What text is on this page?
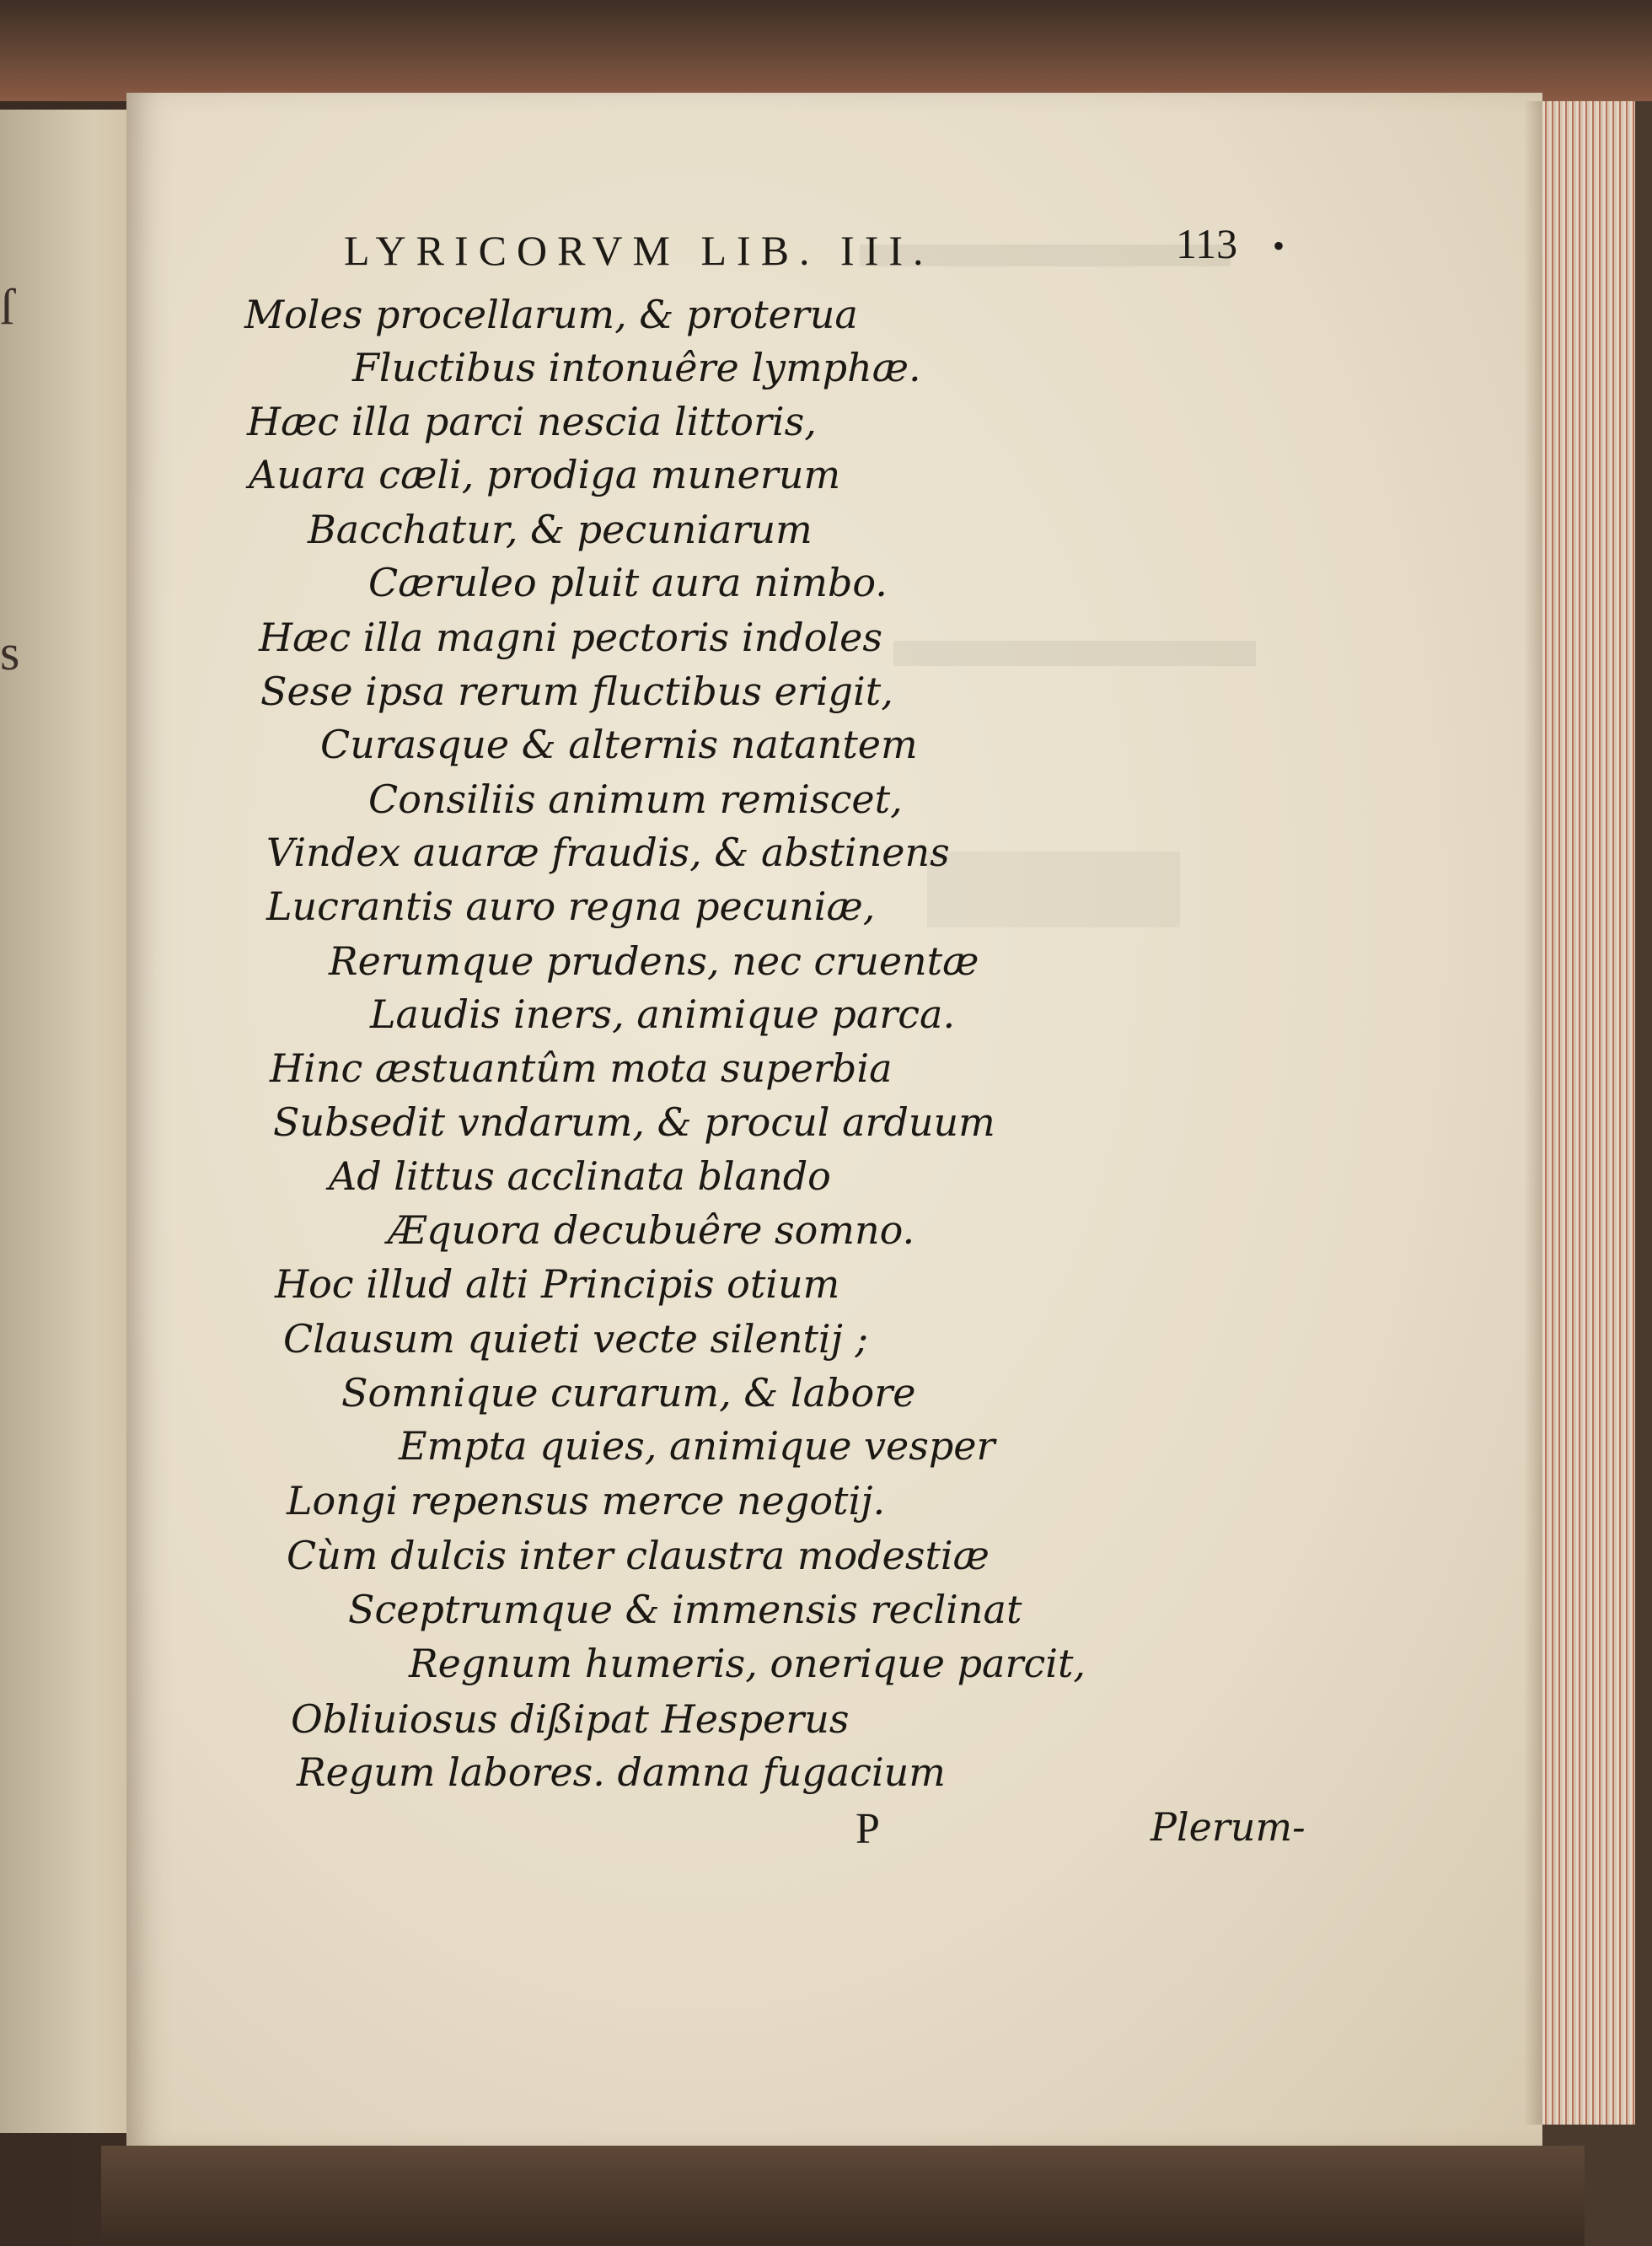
ſ
s
LYRICORVM LIB. III.	113 •
Moles procellarum, & proterua
Fluctibus intonuêre lymphæ.
Hæc illa parci nescia littoris,
Auara cæli, prodiga munerum
Bacchatur, & pecuniarum
Cæruleo pluit aura nimbo.
Hæc illa magni pectoris indoles
Sese ipsa rerum fluctibus erigit,
Curasque & alternis natantem
Consiliis animum remiscet,
Vindex auaræ fraudis, & abstinens
Lucrantis auro regna pecuniæ,
Rerumque prudens, nec cruentæ
Laudis iners, animique parca.
Hinc æstuantûm mota superbia
Subsedit vndarum, & procul arduum
Ad littus acclinata blando
Æquora decubuêre somno.
Hoc illud alti Principis otium
Clausum quieti vecte silentij ;
Somnique curarum, & labore
Empta quies, animique vesper
Longi repensus merce negotij.
Cùm dulcis inter claustra modestiæ
Sceptrumque & immensis reclinat
Regnum humeris, onerique parcit,
Obliuiosus dißipat Hesperus
Regum labores. damna fugacium
P	Plerum-
